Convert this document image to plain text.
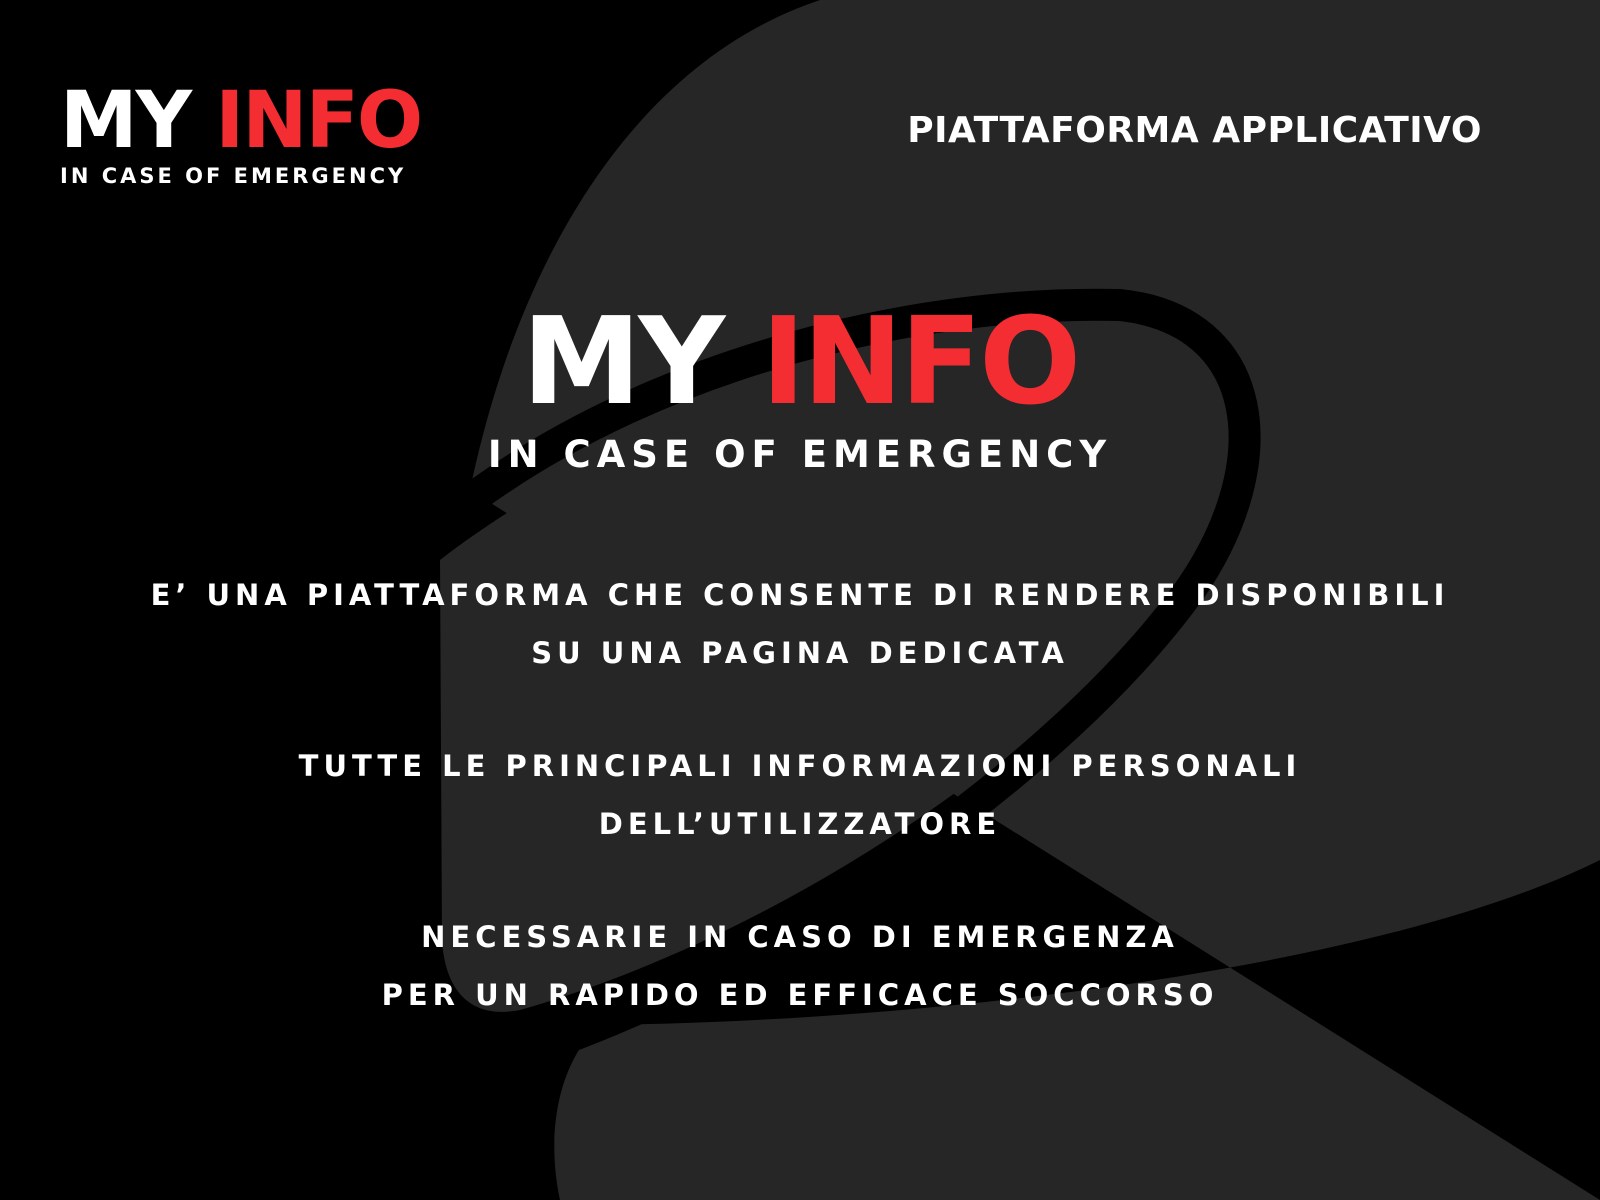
MY INFO
IN CASE OF EMERGENCY
PIATTAFORMA APPLICATIVO
MY INFO
IN CASE OF EMERGENCY
E’ UNA PIATTAFORMA CHE CONSENTE DI RENDERE DISPONIBILI
SU UNA PAGINA DEDICATA
TUTTE LE PRINCIPALI INFORMAZIONI PERSONALI
DELL’UTILIZZATORE
NECESSARIE IN CASO DI EMERGENZA
PER UN RAPIDO ED EFFICACE SOCCORSO
